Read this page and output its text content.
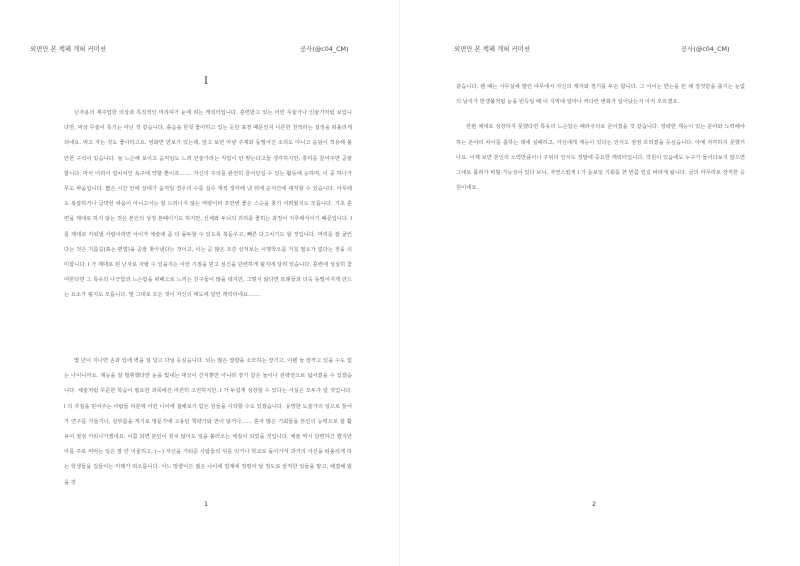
외면만 본 책페 개혀 커미션	공사(@c04_CM)
I

닌자용의 재주업한 의상과 특징적인 머리띠가 눈에 띄는 캐릭터입니다. 훈련받고 있는 어린 무술가나 인술가처럼 보입니다만, 막상 무술이 특기는 아닌 것 같습니다. 출음을 한칫 좋아하고 있는 듯한 표정 때문인지 나른한 천적라는 설정을 떠올리게 되네요. 먹고 자는 것도 좋아하고요. 영화반 연보가 있는데, 앞고 보면 마냥 주제와 동떨어진 소리도 아니고 음덤이 적용해 볼 만한 구석이 있습니다. 늘 느슨해 보이고 음직임도 느려 인술가라는 직업이 안 맞는다고들 생각하지만, 흥미를 끌어주면 곧잘 합니다. 마치 어려서 얼차치인 욕구에 약할 뿐이죠……. 자신의 주의를 완전히 끌어당길 수 있는 활동에 능하며, 이 중 하나가 무도 싸움입니다. 짧은 시간 안에 상대가 움직일 경우의 수를 십수 개씩 생각해 낸 뒤에 순식간에 대처할 수 있습니다. 아무래도 복잡하거나 급박한 싸움이 아니고서는 잘 드러나지 않는 역량이라 조만번 좋은 스승을 찾기 어려웠지도 모릅니다. 기초 훈련을 제대로 하지 않는 것은 본인의 성정 본때이기도 하지만, 신체와 두뇌의 괴리를 좋히는 과정이 지루해서이기 때문입니다. I 를 제대로 키워낼 사람이라면 아이가 체술에 좀 더 몰두할 수 있도록 북돋우고, 빼른 다그치기도 할 것입니다. 머리를 잘 굴린다는 것은 지름길(표는 편법)을 곧잘 찾아낸다는 것이고, 이는 곧 많은 조쓴 상처보는 시행착오를 거칠 필요가 없다는 것을 의미합니다. I 가 제대로 된 닌자로 자랄 수 있을지는 이런 기질을 믿고 심신을 단련하게 될지에 달려 있습니다. 훈련에 성실히 참여한다면 그 특유의 나긋함과 느슨함을 떠베으로 느끼는 친구들이 많을 테지만, 그렇지 않다면 또래들과 더욱 동떨어지게 만드는 요소가 될지도 모릅니다. 말 그대로 모든 것이 자신의 태도에 달린 캐릭터네요…….

몇 년이 지나면 손과 입에 벽을 걸 달고 다닐 듯싶습니다. 뇌는 많은 열량을 소모하는 장기고, 이렌 늘 장까고 있을 수도 없는 나이니까요. 재능을 잘 발휘했다면 눈을 빛내는 대상이 간식뿐만 아니라 장기 같은 놀이나 전략전으로 넓어졌을 수 있겠습니다. 체술처럼 꾸준한 학습이 필요한 과목에선 여전히 고전하지만, I 가 두섭게 성장할 수 있다는 사실은 모두가 알 것입니다. I 의 자질을 믿어주는 사람들 덕분에 어린 나이에 철해보기 힘든 임들을 시작할 수도 있겠습니다. 유망한 도술가의 일으로 들어가 연구를 거들거나, 심부름을 게기로 명문가에 고용된 책략가와 연이 닿거나…… 혼자 많은 기회들을 본인의 능력으로 잘 활용어 점점 키워나가겠네요. 이쯤 되면 본인이 원치 않아도 일을 불러오는 체질이 되었을 것입니다. 체술 역시 단련하긴 했지만 아를 주로 써먹는 일은 잘 안 어울리고, (—) 자신을 거워준 사람들의 뒤를 잇거나 학교로 돌아가서 과거의 자신을 떠올리게 하는 학생들을 길들이는 미래가 떠오릅니다. 어느 방향이든 젊은 나이에 업계에 정평이 날 정도로 끝직한 일들을 맡고, 해결해 왔을 것

1
외면만 본 책페 개혀 커미션	공사(@c04_CM)

같습니다. 웬 때는 사무실에 말린 야무에서 자신의 제자와 장기를 두곤 합니다. 그 아이는 반는을 뜬 채 장것받을 출기는 눈없의 남자가 반갱불처럼 눈을 빈득일 때 이 지역에 얼마나 커다란 변화가 일어났는지 아직 모르겠죠.

한편 체대로 성장하지 못했다면 특유의 느슨함은 패라주의로 굳어졌을 것 같습니다. 영략한 재능이 있는 분야와 노력해야 하는 분야의 차이를 좁하는 데에 실패하고, 자신에게 재능이 있다는 인식도 점점 흐려졌을 듯싶습니다. 아예 자각하지 못했거나요. 이제 보면 본인의 노력만큼이나 주위의 인식도 정말에 중요한 캐릭터입니다. 작원이 있음에도 누구가 들어다보지 않으면 그대로 틀려가 버릴 가능성이 있다 보니, 자연스럽게 I 가 돋보일 기회를 한 번쯤 얻길 바라게 됩니다. 글의 마무리로 장직한 응원이네요.

2
